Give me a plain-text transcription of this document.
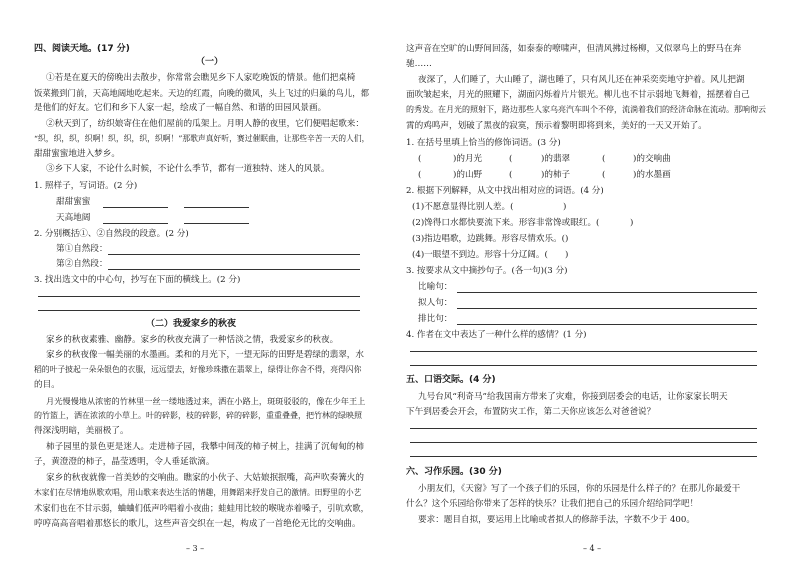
四、阅读天地。(17 分)
（一）
①若是在夏天的傍晚出去散步，你常常会瞧见乡下人家吃晚饭的情景。他们把桌椅
饭菜搬到门前，天高地阔地吃起来。天边的红霞，向晚的微风，头上飞过的归巢的鸟儿，都
是他们的好友。它们和乡下人家一起，绘成了一幅自然、和谐的田园风景画。
②秋天到了，纺织娘寄住在他们屋前的瓜架上。月明人静的夜里，它们便唱起歌来：
“织，织，织，织啊！织，织，织，织啊！”那歌声真好听，赛过催眠曲，让那些辛苦一天的人们，
甜甜蜜蜜地进入梦乡。
③乡下人家，不论什么时候，不论什么季节，都有一道独特、迷人的风景。
1. 照样子，写词语。(2 分)
甜甜蜜蜜
天高地阔
2. 分别概括①、②自然段的段意。(2 分)
第①自然段：
第②自然段：
3. 找出选文中的中心句，抄写在下面的横线上。(2 分)
（二）我爱家乡的秋夜
家乡的秋夜素雅、幽静。家乡的秋夜充满了一种恬淡之情，我爱家乡的秋夜。
家乡的秋夜像一幅美丽的水墨画。柔和的月光下，一望无际的田野是碧绿的翡翠，水
稻的叶子披起一朵朵银色的衣服，远远望去，好像珍珠撒在翡翠上，绿得让你舍不得，亮得闪你
的目。
月光慢慢地从浓密的竹林里一丝一缕地透过来，洒在小路上，斑斑驳驳的，像在少年王上
的竹篮上，洒在浓浓的小草上。叶的碎影，枝的碎影，碎的碎影，重重叠叠，把竹林的绿映照
得深浅明暗，美丽极了。
柿子园里的景色更是迷人。走进柿子园，我攀中间茂的柿子树上，挂满了沉甸甸的柿
子，黄澄澄的柿子，晶莹透明，令人垂延欲滴。
家乡的秋夜就像一首美妙的交响曲。瞧家的小伙子、大姑娘抿抿嘴，高声吹奏篝火的
木家们在尽情地纵歌欢唱，用山歌来表达生活的情趣，用舞蹈来抒发自己的激情。田野里的小艺
术家们也在不甘示弱，蛐蛐们低声吟唱着小夜曲；蛙蛙用比较的喉咙赤着嗓子，引吭欢歌，
哼哼高高音唱着那悠长的歌儿，这些声音交织在一起，构成了一首绝伦无比的交响曲。
– 3 –
这声音在空旷的山野间回荡，如泰泰的嘹啸声，但清风拂过杨柳，又似翠鸟上的野马在奔
驰……
夜深了，人们睡了，大山睡了，湖也睡了，只有风儿还在神采奕奕地守护着。风儿把湖
面吹皱起来，月光的照耀下，湖面闪烁着片片银光。柳儿也不甘示弱地飞舞着，摇摆着自己
的秀发。在月光的照射下，路边那些人家乌亮汽车叫个不停，流淌着我们的经济命脉在流动。那响彻云
霄的鸡鸣声，划破了黑夜的寂寞，预示着黎明即将到来，美好的一天又开始了。
1. 在括号里填上恰当的修饰词语。(3 分)
(	)的月光	(	)的翡翠	(	)的交响曲
(	)的山野	(	)的柿子	(	)的水墨画
2. 根据下列解释，从文中找出相对应的词语。(4 分)
(1)不愿意显得比别人差。(	)
(2)馋得口水都快要流下来。形容非常馋或眼红。(	)
(3)指边唱歌，边跳舞。形容尽情欢乐。( )
(4)一眼望不到边。形容十分辽阔。( )
3. 按要求从文中摘抄句子。(各一句)(3 分)
比喻句：
拟人句：
排比句：
4. 作者在文中表达了一种什么样的感情？(1 分)
五、口语交际。(4 分)
九号台风“利奇马”给我国南方带来了灾难，你接到居委会的电话，让你家家长明天
下午到居委会开会，布置防灾工作，第二天你应该怎么对爸爸说？
六、习作乐园。(30 分)
小朋友们，《天窗》写了一个孩子们的乐园，你的乐园是什么样子的？在那儿你最爱干
什么？这个乐园给你带来了怎样的快乐？让我们把自己的乐园介绍给同学吧！
要求：题目自拟，要运用上比喻或者拟人的修辞手法，字数不少于 400。
– 4 –
